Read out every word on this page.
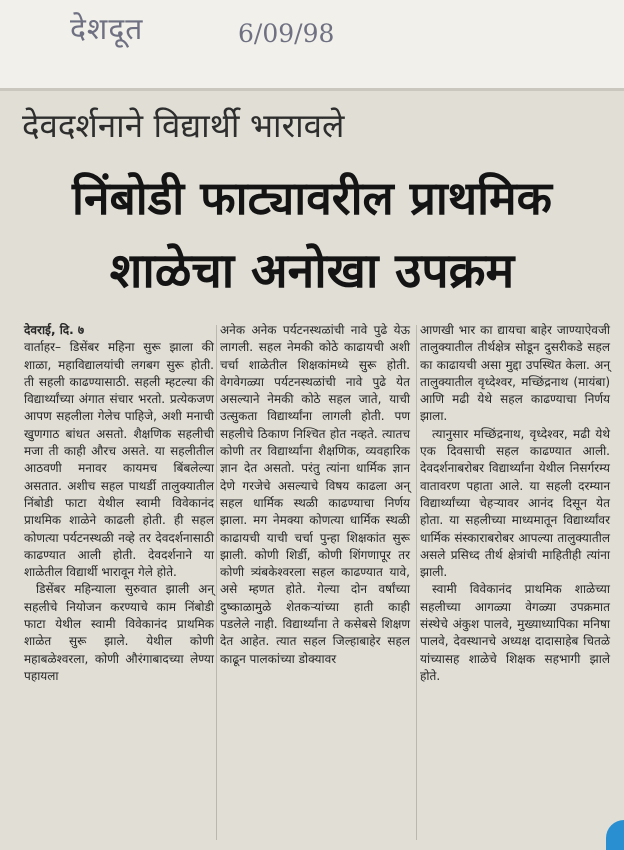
देशदूत	6/09/98
देवदर्शनाने विद्यार्थी भारावले
निंबोडी फाट्यावरील प्राथमिक
शाळेचा अनोखा उपक्रम

देवराई, दि. ७

वार्ताहर– डिसेंबर महिना सुरू झाला की शाळा, महाविद्यालयांची लगबग सुरू होती. ती सहली काढण्यासाठी. सहली म्हटल्या की विद्यार्थ्यांच्या अंगात संचार भरतो. प्रत्येकजण आपण सहलीला गेलेच पाहिजे, अशी मनाची खुणगाठ बांधत असतो. शैक्षणिक सहलीची मजा ती काही औरच असते. या सहलीतील आठवणी मनावर कायमच बिंबलेल्या असतात. अशीच सहल पाथर्डी तालुक्यातील निंबोडी फाटा येथील स्वामी विवेकानंद प्राथमिक शाळेने काढली होती. ही सहल कोणत्या पर्यटनस्थळी नव्हे तर देवदर्शनासाठी काढण्यात आली होती. देवदर्शनाने या शाळेतील विद्यार्थी भारावून गेले होते.

डिसेंबर महिन्याला सुरुवात झाली अन् सहलीचे नियोजन करण्याचे काम निंबोडी फाटा येथील स्वामी विवेकानंद प्राथमिक शाळेत सुरू झाले. येथील कोणी महाबळेश्वरला, कोणी औरंगाबादच्या लेण्या पहायला

अनेक अनेक पर्यटनस्थळांची नावे पुढे येऊ लागली. सहल नेमकी कोठे काढायची अशी चर्चा शाळेतील शिक्षकांमध्ये सुरू होती. वेगवेगळ्या पर्यटनस्थळांची नावे पुढे येत असल्याने नेमकी कोठे सहल जाते, याची उत्सुकता विद्यार्थ्यांना लागली होती. पण सहलीचे ठिकाण निश्चित होत नव्हते. त्यातच कोणी तर विद्यार्थ्यांना शैक्षणिक, व्यवहारिक ज्ञान देत असतो. परंतु त्यांना धार्मिक ज्ञान देणे गरजेचे असल्याचे विषय काढला अन् सहल धार्मिक स्थळी काढण्याचा निर्णय झाला. मग नेमक्या कोणत्या धार्मिक स्थळी काढायची याची चर्चा पुन्हा शिक्षकांत सुरू झाली. कोणी शिर्डी, कोणी शिंगणापूर तर कोणी त्र्यंबकेश्वरला सहल काढण्यात यावे, असे म्हणत होते. गेल्या दोन वर्षांच्या दुष्काळामुळे शेतकऱ्यांच्या हाती काही पडलेले नाही. विद्यार्थ्यांना ते कसेबसे शिक्षण देत आहेत. त्यात सहल जिल्हाबाहेर सहल काढून पालकांच्या डोक्यावर

आणखी भार का द्यायचा बाहेर जाण्याऐवजी तालुक्यातील तीर्थक्षेत्र सोडून दुसरीकडे सहल का काढायची असा मुद्दा उपस्थित केला. अन् तालुक्यातील वृध्देश्वर, मच्छिंद्रनाथ (मायंबा) आणि मढी येथे सहल काढण्याचा निर्णय झाला.

त्यानुसार मच्छिंद्रनाथ, वृध्देश्वर, मढी येथे एक दिवसाची सहल काढण्यात आली. देवदर्शनाबरोबर विद्यार्थ्यांना येथील निसर्गरम्य वातावरण पहाता आले. या सहली दरम्यान विद्यार्थ्यांच्या चेहऱ्यावर आनंद दिसून येत होता. या सहलीच्या माध्यमातून विद्यार्थ्यांवर धार्मिक संस्काराबरोबर आपल्या तालुक्यातील असले प्रसिध्द तीर्थ क्षेत्रांची माहितीही त्यांना झाली.

स्वामी विवेकानंद प्राथमिक शाळेच्या सहलीच्या आगळ्या वेगळ्या उपक्रमात संस्थेचे अंकुश पालवे, मुख्याध्यापिका मनिषा पालवे, देवस्थानचे अध्यक्ष दादासाहेब चितळे यांच्यासह शाळेचे शिक्षक सहभागी झाले होते.
